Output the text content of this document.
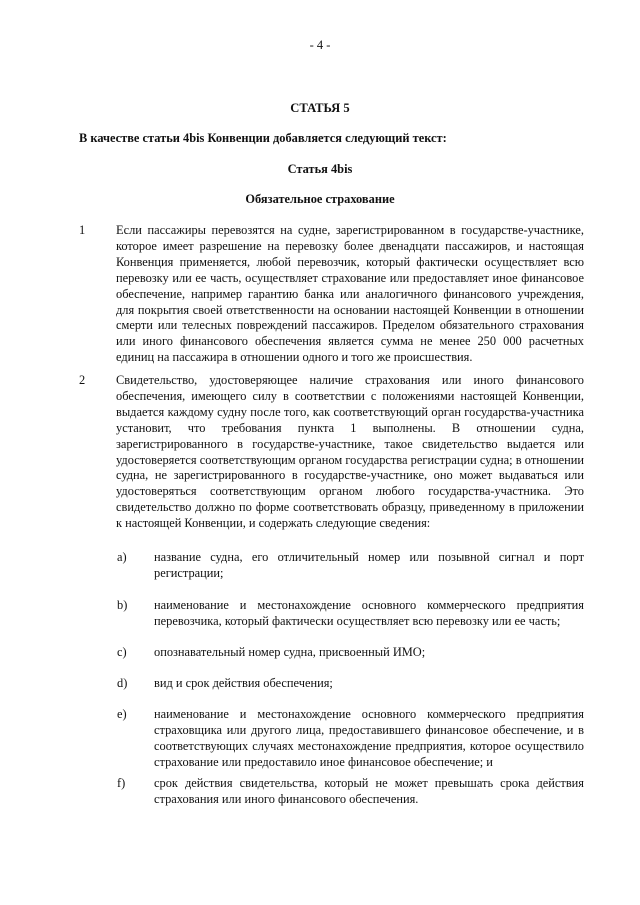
- 4 -
СТАТЬЯ 5
В качестве статьи 4bis Конвенции добавляется следующий текст:
Статья 4bis
Обязательное страхование
1 Если пассажиры перевозятся на судне, зарегистрированном в государстве-участнике, которое имеет разрешение на перевозку более двенадцати пассажиров, и настоящая Конвенция применяется, любой перевозчик, который фактически осуществляет всю перевозку или ее часть, осуществляет страхование или предоставляет иное финансовое обеспечение, например гарантию банка или аналогичного финансового учреждения, для покрытия своей ответственности на основании настоящей Конвенции в отношении смерти или телесных повреждений пассажиров. Пределом обязательного страхования или иного финансового обеспечения является сумма не менее 250 000 расчетных единиц на пассажира в отношении одного и того же происшествия.
2 Свидетельство, удостоверяющее наличие страхования или иного финансового обеспечения, имеющего силу в соответствии с положениями настоящей Конвенции, выдается каждому судну после того, как соответствующий орган государства-участника установит, что требования пункта 1 выполнены. В отношении судна, зарегистрированного в государстве-участнике, такое свидетельство выдается или удостоверяется соответствующим органом государства регистрации судна; в отношении судна, не зарегистрированного в государстве-участнике, оно может выдаваться или удостоверяться соответствующим органом любого государства-участника. Это свидетельство должно по форме соответствовать образцу, приведенному в приложении к настоящей Конвенции, и содержать следующие сведения:
a) название судна, его отличительный номер или позывной сигнал и порт регистрации;
b) наименование и местонахождение основного коммерческого предприятия перевозчика, который фактически осуществляет всю перевозку или ее часть;
c) опознавательный номер судна, присвоенный ИМО;
d) вид и срок действия обеспечения;
e) наименование и местонахождение основного коммерческого предприятия страховщика или другого лица, предоставившего финансовое обеспечение, и в соответствующих случаях местонахождение предприятия, которое осуществило страхование или предоставило иное финансовое обеспечение; и
f) срок действия свидетельства, который не может превышать срока действия страхования или иного финансового обеспечения.
